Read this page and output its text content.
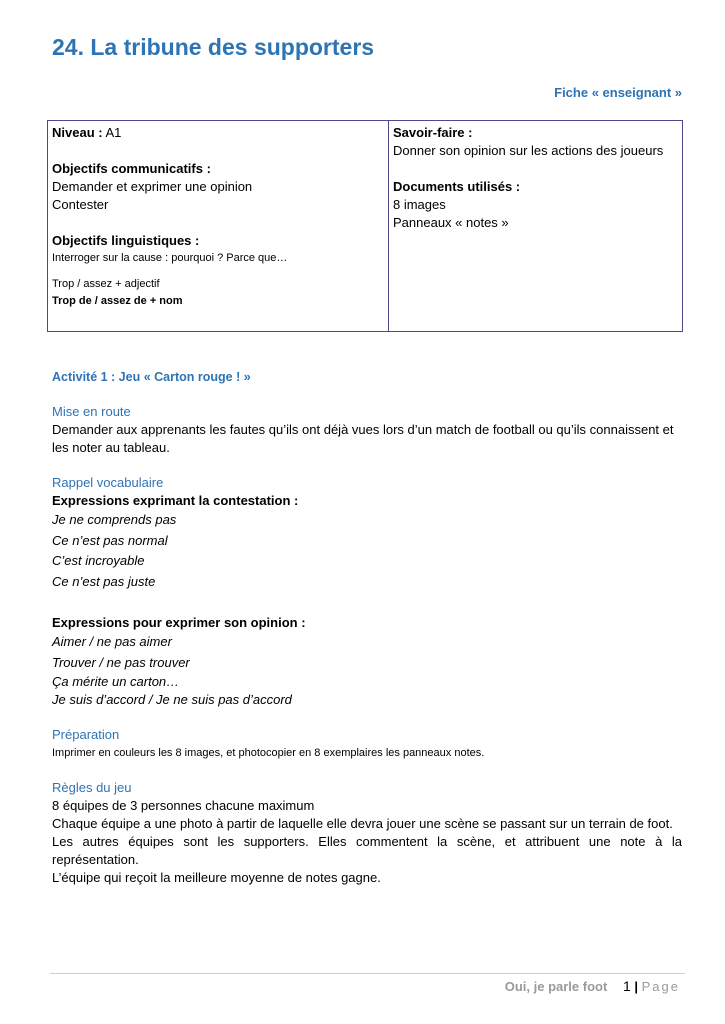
24. La tribune des supporters
Fiche « enseignant »
Niveau : A1
Objectifs communicatifs :
Demander et exprimer une opinion
Contester
Objectifs linguistiques :
Interroger sur la cause : pourquoi ? Parce que…
Trop / assez + adjectif
Trop de / assez de + nom
Savoir-faire :
Donner son opinion sur les actions des joueurs
Documents utilisés :
8 images
Panneaux « notes »
Activité 1 : Jeu « Carton rouge ! »
Mise en route
Demander aux apprenants les fautes qu’ils ont déjà vues lors d’un match de football ou qu’ils connaissent et les noter au tableau.
Rappel vocabulaire
Expressions exprimant la contestation :
Je ne comprends pas
Ce n’est pas normal
C’est incroyable
Ce n’est pas juste
Expressions pour exprimer son opinion :
Aimer / ne pas aimer
Trouver / ne pas trouver
Ça mérite un carton…
Je suis d’accord / Je ne suis pas d’accord
Préparation
Imprimer en couleurs les 8 images, et photocopier en 8 exemplaires les panneaux notes.
Règles du jeu
8 équipes de 3 personnes chacune maximum
Chaque équipe a une photo à partir de laquelle elle devra jouer une scène se passant sur un terrain de foot.
Les autres équipes sont les supporters. Elles commentent la scène, et attribuent une note à la représentation.
L’équipe qui reçoit la meilleure moyenne de notes gagne.
Oui, je parle foot 1 | Page
